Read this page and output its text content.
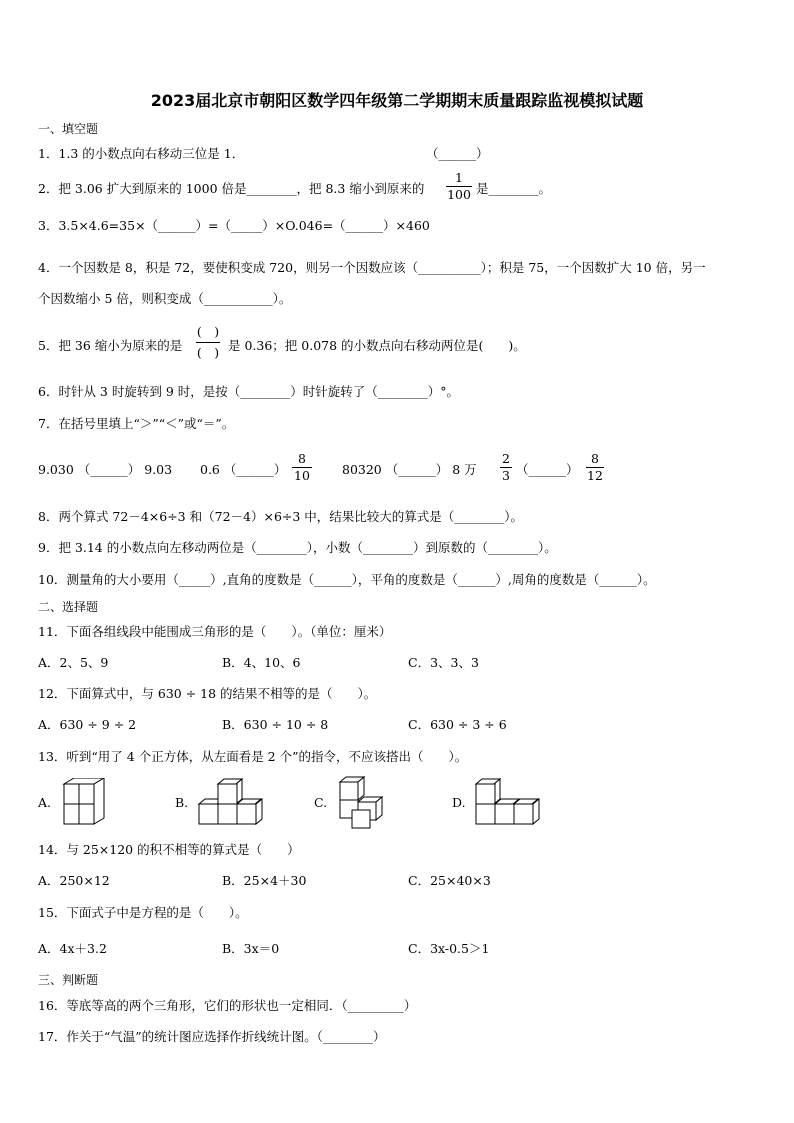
2023届北京市朝阳区数学四年级第二学期期末质量跟踪监视模拟试题
一、填空题
1．1.3 的小数点向右移动三位是 1．	（______）
2．把 3.06 扩大到原来的 1000 倍是________，把 8.3 缩小到原来的
1
100 是________。
3．3.5×4.6=35×（______）=（_____）×O.046=（______）×460
4．一个因数是 8，积是 72，要使积变成 720，则另一个因数应该（__________）；积是 75，一个因数扩大 10 倍，另一
个因数缩小 5 倍，则积变成（___________）。
5．把 36 缩小为原来的是
(　)
(　) 是 0.36；把 0.078 的小数点向右移动两位是(　　)。
6．时针从 3 时旋转到 9 时，是按（________）时针旋转了（________）°。
7．在括号里填上“＞”“＜”或“＝”。
9.030 （______） 9.03 0.6 （______）
8
10	80320 （______） 8 万
2
3 （______）
8
12
8．两个算式 72－4×6÷3 和（72－4）×6÷3 中，结果比较大的算式是（________）。
9．把 3.14 的小数点向左移动两位是（________），小数（________）到原数的（________）。
10．测量角的大小要用（_____）,直角的度数是（______），平角的度数是（______）,周角的度数是（______）。
二、选择题
11．下面各组线段中能围成三角形的是（　　）。（单位：厘米）
A．2、5、9	B．4、10、6	C．3、3、3
12．下面算式中，与 630 ÷ 18 的结果不相等的是（　　）。
A．630 ÷ 9 ÷ 2	B．630 ÷ 10 ÷ 8	C．630 ÷ 3 ÷ 6
13．听到“用了 4 个正方体，从左面看是 2 个”的指令，不应该搭出（　　）。
A.	B.	C.	D.
14．与 25×120 的积不相等的算式是（　　）
A．250×12	B．25×4＋30	C．25×40×3
15．下面式子中是方程的是（　　）。
A．4x＋3.2	B．3x＝0	C．3x-0.5＞1
三、判断题
16．等底等高的两个三角形，它们的形状也一定相同．（_________）
17．作关于“气温”的统计图应选择作折线统计图。（________）
